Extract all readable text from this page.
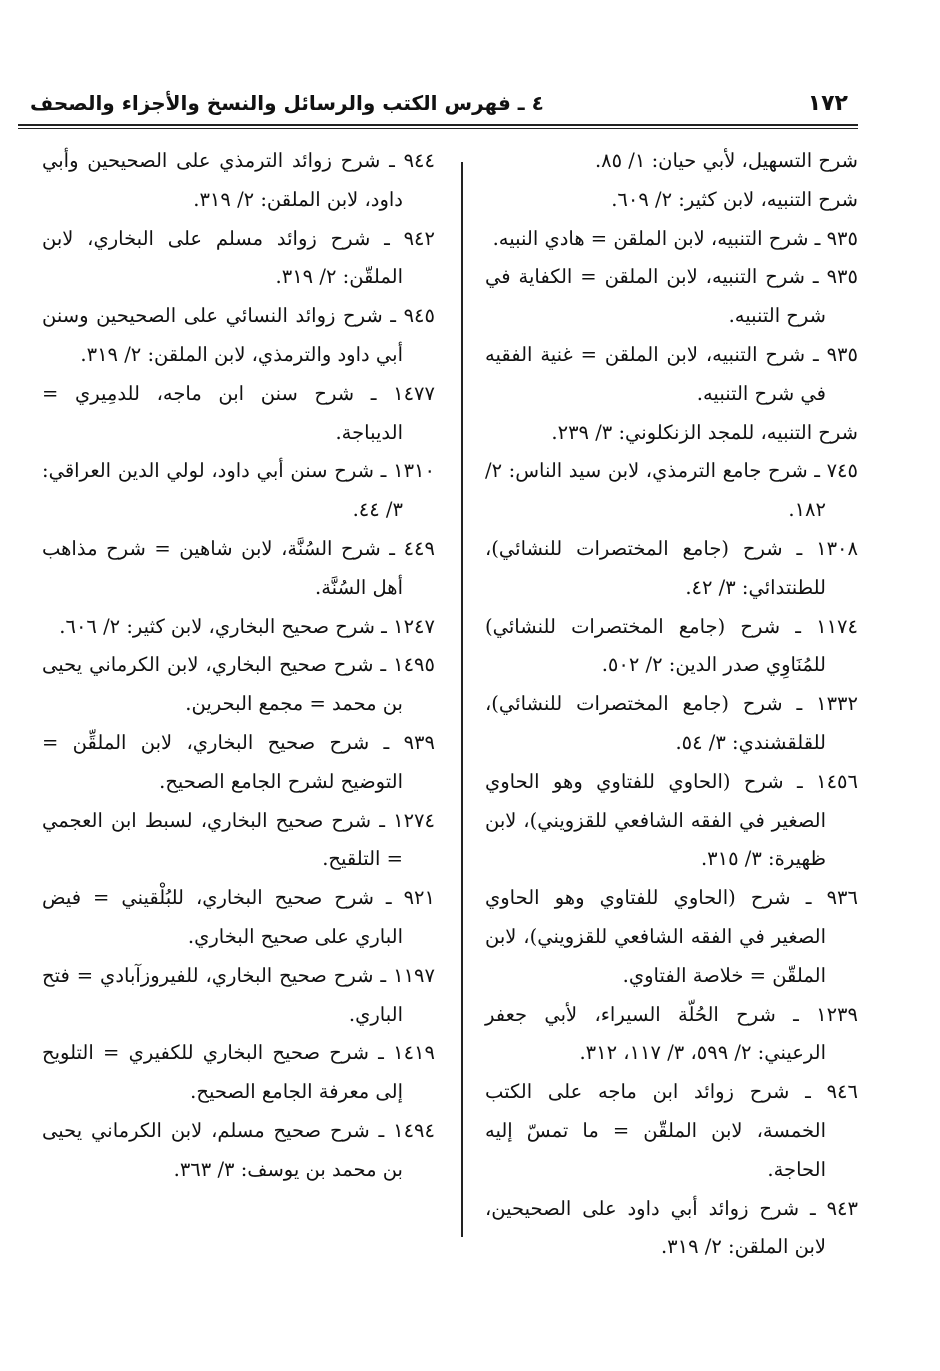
١٧٢
٤ ـ فهرس الكتب والرسائل والنسخ والأجزاء والصحف

شرح التسهيل، لأبي حيان: ١/ ٨٥.

شرح التنبيه، لابن كثير: ٢/ ٦٠٩.

٩٣٥ ـ شرح التنبيه، لابن الملقن = هادي النبيه.

٩٣٥ ـ شرح التنبيه، لابن الملقن = الكفاية في شرح التنبيه.

٩٣٥ ـ شرح التنبيه، لابن الملقن = غنية الفقيه في شرح التنبيه.

شرح التنبيه، للمجد الزنكلوني: ٣/ ٢٣٩.

٧٤٥ ـ شرح جامع الترمذي، لابن سيد الناس: ٢/ ١٨٢.

١٣٠٨ ـ شرح (جامع المختصرات للنشائي)، للطنتدائي: ٣/ ٤٢.

١١٧٤ ـ شرح (جامع المختصرات للنشائي) للمُنَاوِي صدر الدين: ٢/ ٥٠٢.

١٣٣٢ ـ شرح (جامع المختصرات للنشائي)، للقلقشندي: ٣/ ٥٤.

١٤٥٦ ـ شرح (الحاوي للفتاوي وهو الحاوي الصغير في الفقه الشافعي للقزويني)، لابن ظهيرة: ٣/ ٣١٥.

٩٣٦ ـ شرح (الحاوي للفتاوي وهو الحاوي الصغير في الفقه الشافعي للقزويني)، لابن الملقّن = خلاصة الفتاوي.

١٢٣٩ ـ شرح الحُلّة السيراء، لأبي جعفر الرعيني: ٢/ ٥٩٩، ٣/ ١١٧، ٣١٢.

٩٤٦ ـ شرح زوائد ابن ماجه على الكتب الخمسة، لابن الملقّن = ما تمسّ إليه الحاجة.

٩٤٣ ـ شرح زوائد أبي داود على الصحيحين، لابن الملقن: ٢/ ٣١٩.

٩٤٤ ـ شرح زوائد الترمذي على الصحيحين وأبي داود، لابن الملقن: ٢/ ٣١٩.

٩٤٢ ـ شرح زوائد مسلم على البخاري، لابن الملقّن: ٢/ ٣١٩.

٩٤٥ ـ شرح زوائد النسائي على الصحيحين وسنن أبي داود والترمذي، لابن الملقن: ٢/ ٣١٩.

١٤٧٧ ـ شرح سنن ابن ماجه، للدمِيري = الديباجة.

١٣١٠ ـ شرح سنن أبي داود، لولي الدين العراقي: ٣/ ٤٤.

٤٤٩ ـ شرح السُنَّة، لابن شاهين = شرح مذاهب أهل السُنَّة.

١٢٤٧ ـ شرح صحيح البخاري، لابن كثير: ٢/ ٦٠٦.

١٤٩٥ ـ شرح صحيح البخاري، لابن الكرماني يحيى بن محمد = مجمع البحرين.

٩٣٩ ـ شرح صحيح البخاري، لابن الملقِّن = التوضيح لشرح الجامع الصحيح.

١٢٧٤ ـ شرح صحيح البخاري، لسبط ابن العجمي = التلقيح.

٩٢١ ـ شرح صحيح البخاري، للبُلْقيني = فيض الباري على صحيح البخاري.

١١٩٧ ـ شرح صحيح البخاري، للفيروزآبادي = فتح الباري.

١٤١٩ ـ شرح صحيح البخاري للكفيري = التلويح إلى معرفة الجامع الصحيح.

١٤٩٤ ـ شرح صحيح مسلم، لابن الكرماني يحيى بن محمد بن يوسف: ٣/ ٣٦٣.
